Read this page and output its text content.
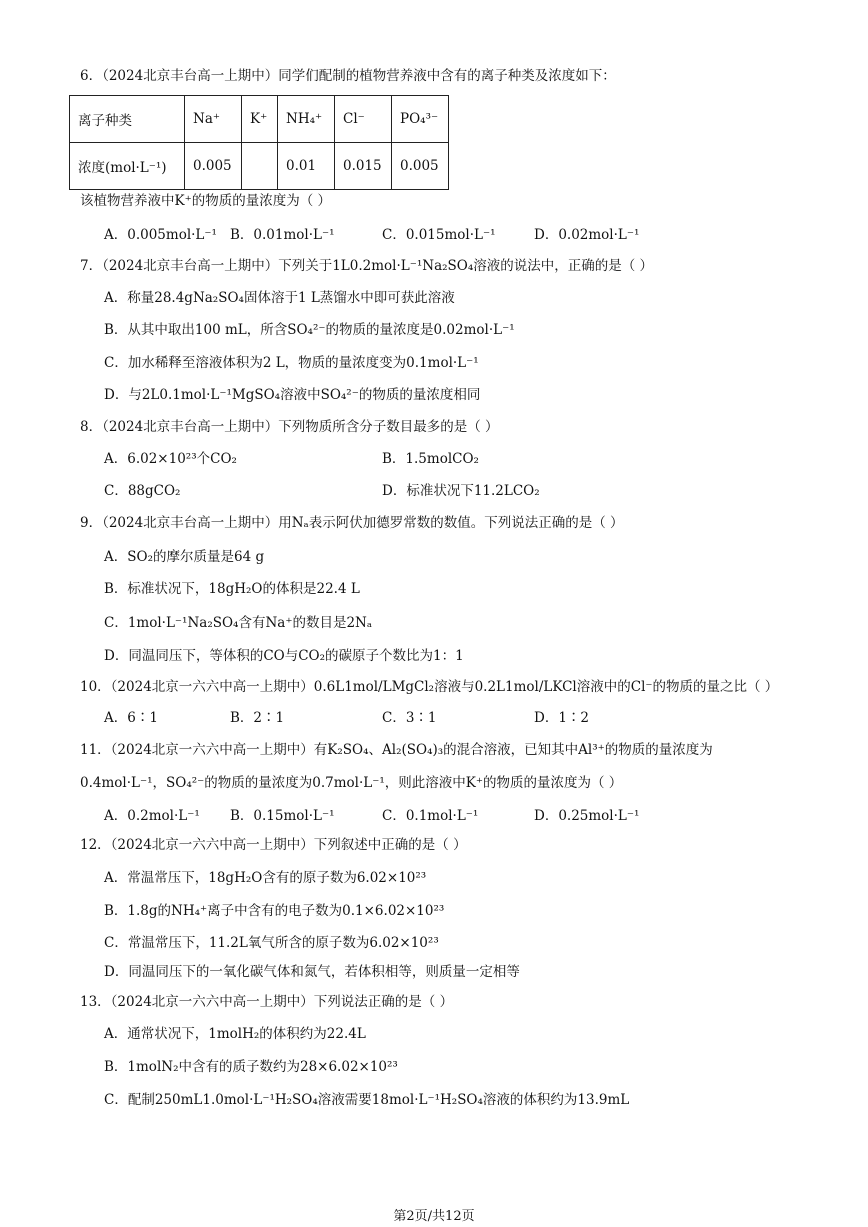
6．（2024北京丰台高一上期中）同学们配制的植物营养液中含有的离子种类及浓度如下：
离子种类	Na⁺	K⁺	NH₄⁺	Cl⁻	PO₄³⁻
浓度(mol·L⁻¹)	0.005		0.01	0.015	0.005
该植物营养液中K⁺的物质的量浓度为（ ）
A．0.005mol·L⁻¹ B．0.01mol·L⁻¹	C．0.015mol·L⁻¹	D．0.02mol·L⁻¹
7．（2024北京丰台高一上期中）下列关于1L0.2mol·L⁻¹Na₂SO₄溶液的说法中，正确的是（ ）
A．称量28.4gNa₂SO₄固体溶于1 L蒸馏水中即可获此溶液
B．从其中取出100 mL，所含SO₄²⁻的物质的量浓度是0.02mol·L⁻¹
C．加水稀释至溶液体积为2 L，物质的量浓度变为0.1mol·L⁻¹
D．与2L0.1mol·L⁻¹MgSO₄溶液中SO₄²⁻的物质的量浓度相同
8．（2024北京丰台高一上期中）下列物质所含分子数目最多的是（ ）
A．6.02×10²³个CO₂	B．1.5molCO₂
C．88gCO₂	D．标准状况下11.2LCO₂
9．（2024北京丰台高一上期中）用Nₐ表示阿伏加德罗常数的数值。下列说法正确的是（ ）
A．SO₂的摩尔质量是64 g
B．标准状况下，18gH₂O的体积是22.4 L
C．1mol·L⁻¹Na₂SO₄含有Na⁺的数目是2Nₐ
D．同温同压下，等体积的CO与CO₂的碳原子个数比为1：1
10．（2024北京一六六中高一上期中）0.6L1mol/LMgCl₂溶液与0.2L1mol/LKCl溶液中的Cl⁻的物质的量之比（ ）
A．6∶1	B．2∶1	C．3∶1	D．1∶2
11．（2024北京一六六中高一上期中）有K₂SO₄、Al₂(SO₄)₃的混合溶液，已知其中Al³⁺的物质的量浓度为
0.4mol·L⁻¹，SO₄²⁻的物质的量浓度为0.7mol·L⁻¹，则此溶液中K⁺的物质的量浓度为（ ）
A．0.2mol·L⁻¹ B．0.15mol·L⁻¹	C．0.1mol·L⁻¹	D．0.25mol·L⁻¹
12．（2024北京一六六中高一上期中）下列叙述中正确的是（ ）
A．常温常压下，18gH₂O含有的原子数为6.02×10²³
B．1.8g的NH₄⁺离子中含有的电子数为0.1×6.02×10²³
C．常温常压下，11.2L氧气所含的原子数为6.02×10²³
D．同温同压下的一氧化碳气体和氮气，若体积相等，则质量一定相等
13．（2024北京一六六中高一上期中）下列说法正确的是（ ）
A．通常状况下，1molH₂的体积约为22.4L
B．1molN₂中含有的质子数约为28×6.02×10²³
C．配制250mL1.0mol·L⁻¹H₂SO₄溶液需要18mol·L⁻¹H₂SO₄溶液的体积约为13.9mL
第2页/共12页
